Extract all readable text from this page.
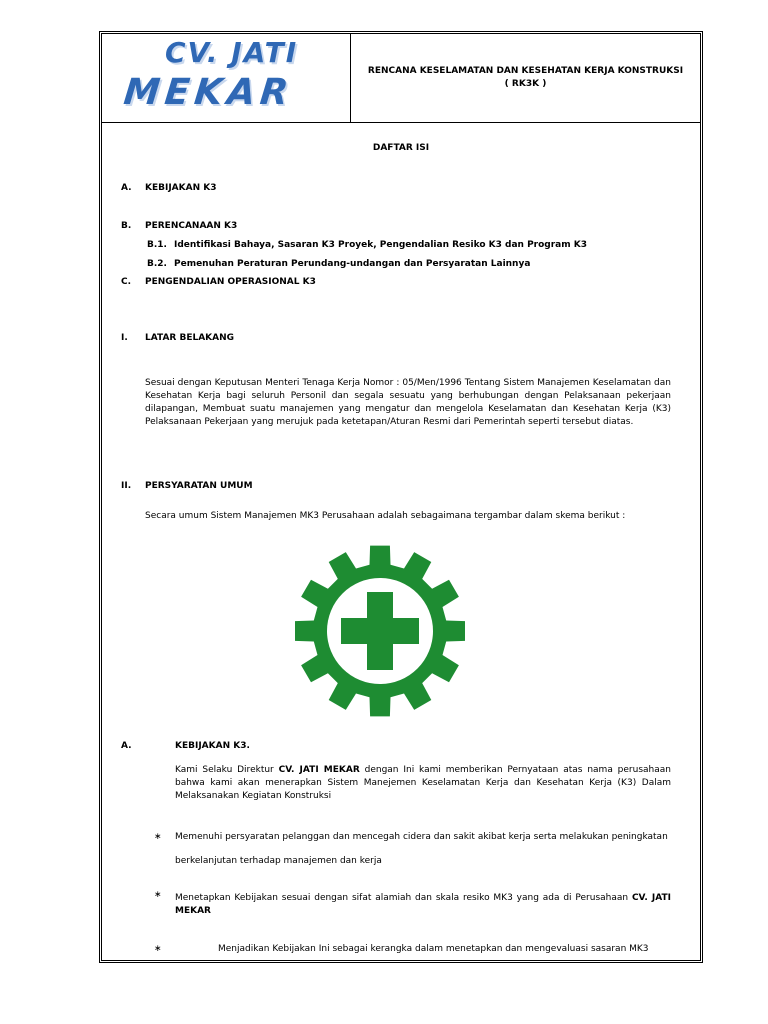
CV. JATI
MEKAR
RENCANA KESELAMATAN DAN KESEHATAN KERJA KONSTRUKSI
( RK3K )
DAFTAR ISI
A. KEBIJAKAN K3
B. PERENCANAAN K3
B.1. Identifikasi Bahaya, Sasaran K3 Proyek, Pengendalian Resiko K3 dan Program K3
B.2. Pemenuhan Peraturan Perundang-undangan dan Persyaratan Lainnya
C. PENGENDALIAN OPERASIONAL K3
I. LATAR BELAKANG
Sesuai dengan Keputusan Menteri Tenaga Kerja Nomor : 05/Men/1996 Tentang Sistem Manajemen Keselamatan dan Kesehatan Kerja bagi seluruh Personil dan segala sesuatu yang berhubungan dengan Pelaksanaan pekerjaan dilapangan, Membuat suatu manajemen yang mengatur dan mengelola Keselamatan dan Kesehatan Kerja (K3) Pelaksanaan Pekerjaan yang merujuk pada ketetapan/Aturan Resmi dari Pemerintah seperti tersebut diatas.
II. PERSYARATAN UMUM
Secara umum Sistem Manajemen MK3 Perusahaan adalah sebagaimana tergambar dalam skema berikut :
A.	KEBIJAKAN K3.
Kami Selaku Direktur CV. JATI MEKAR dengan Ini kami memberikan Pernyataan atas nama perusahaan bahwa kami akan menerapkan Sistem Manejemen Keselamatan Kerja dan Kesehatan Kerja (K3) Dalam Melaksanakan Kegiatan Konstruksi
∗ Memenuhi persyaratan pelanggan dan mencegah cidera dan sakit akibat kerja serta melakukan peningkatan
berkelanjutan terhadap manajemen dan kerja
∗ Menetapkan Kebijakan sesuai dengan sifat alamiah dan skala resiko MK3 yang ada di Perusahaan CV. JATI MEKAR
∗	Menjadikan Kebijakan Ini sebagai kerangka dalam menetapkan dan mengevaluasi sasaran MK3
